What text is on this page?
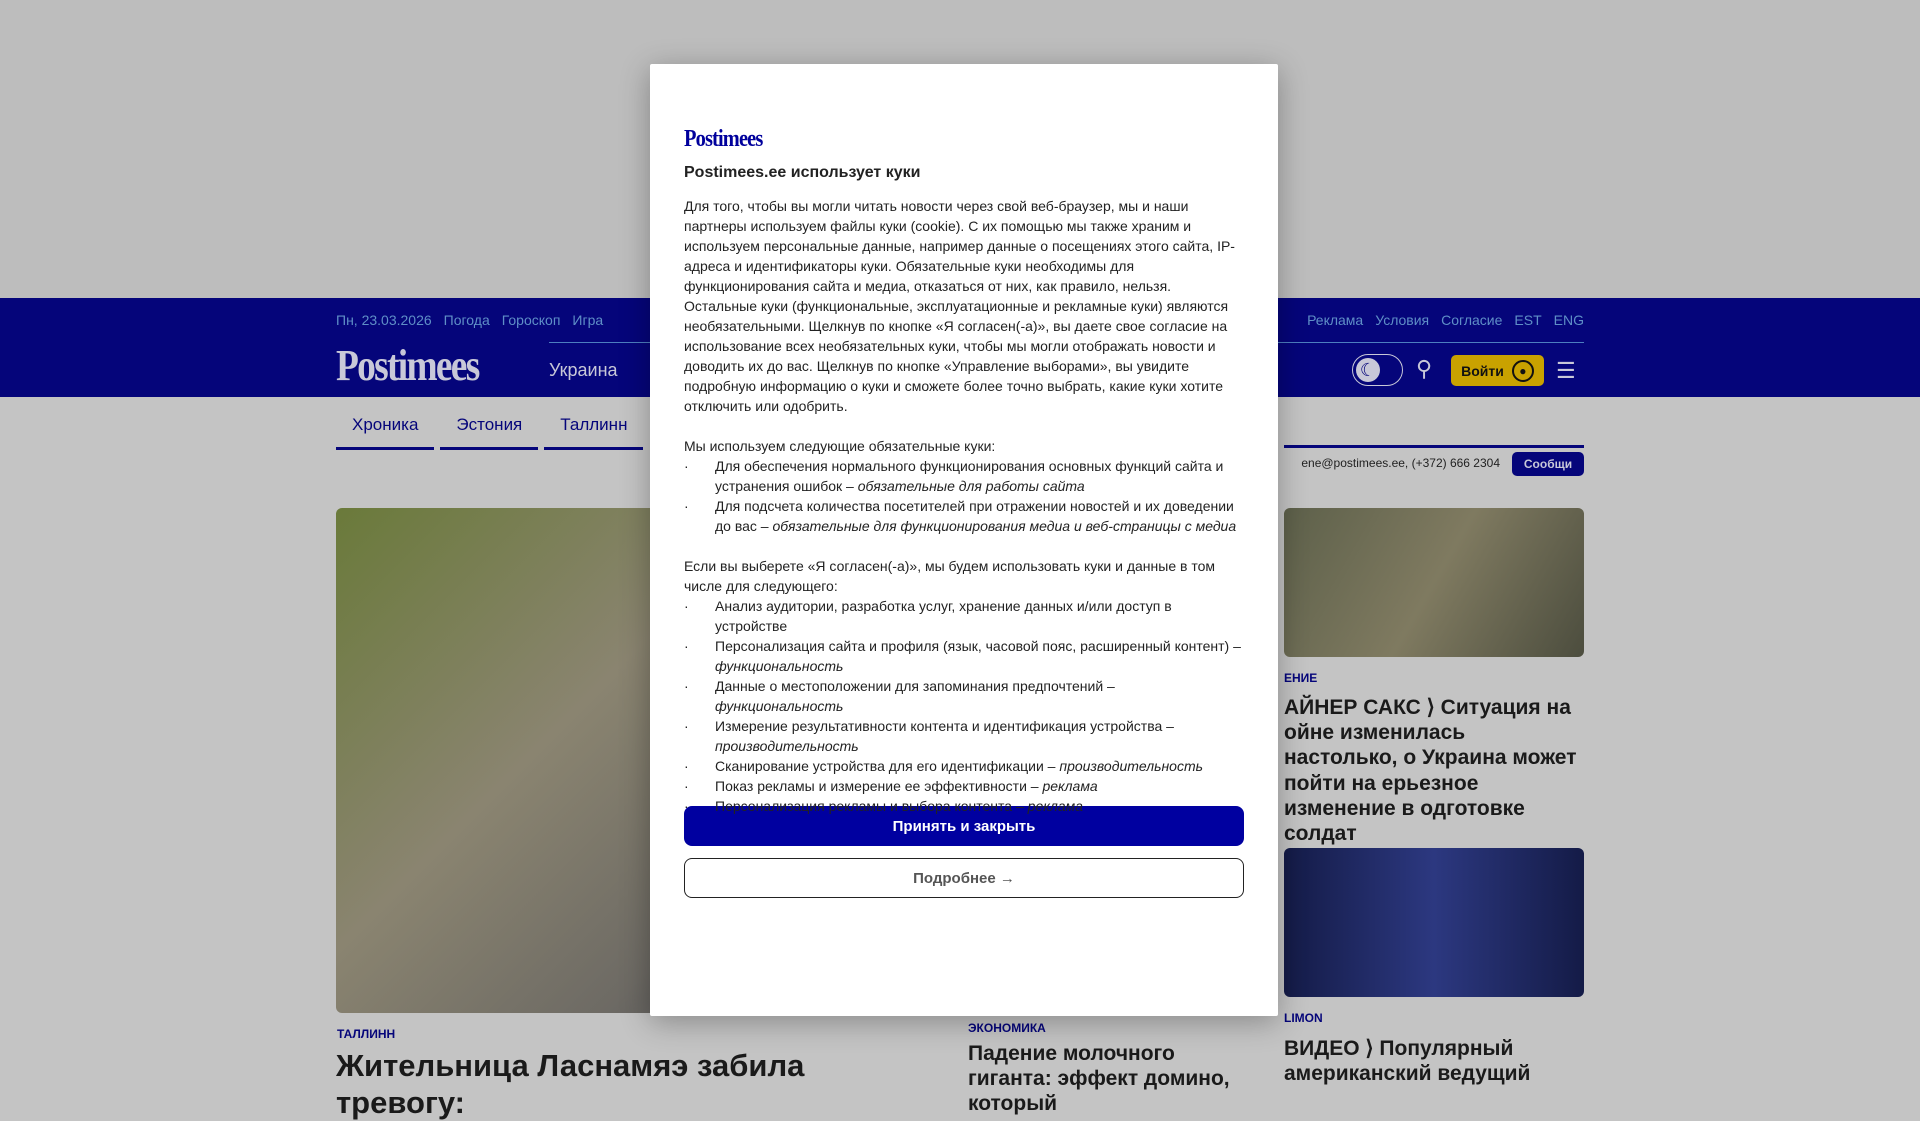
Пн, 23.03.2026 Погода Гороскоп Игра	Реклама Условия Согласие EST ENG
Postimees	Украина	☾ ⚲ Войти	●	☰
Хроника	Эстония	Таллинн
ene@postimees.ee, (+372) 666 2304	Сообщи
ТАЛЛИНН
Жительница Ласнамяэ забила тревогу:
ЭКОНОМИКА
Падение молочного гиганта: эффект домино, который
ЕНИЕ
АЙНЕР САКС ⟩ Ситуация на ойне изменилась настолько, о Украина может пойти на ерьезное изменение в одготовке солдат
LIMON
ВИДЕО ⟩ Популярный американский ведущий
Postimees
Postimees.ee использует куки

Для того, чтобы вы могли читать новости через свой веб-браузер, мы и наши партнеры используем файлы куки (cookie). С их помощью мы также храним и используем персональные данные, например данные о посещениях этого сайта, IP-адреса и идентификаторы куки. Обязательные куки необходимы для функционирования сайта и медиа, отказаться от них, как правило, нельзя. Остальные куки (функциональные, эксплуатационные и рекламные куки) являются необязательными. Щелкнув по кнопке «Я согласен(-а)», вы даете свое согласие на использование всех необязательных куки, чтобы мы могли отображать новости и доводить их до вас. Щелкнув по кнопке «Управление выборами», вы увидите подробную информацию о куки и сможете более точно выбрать, какие куки хотите отключить или одобрить.

Мы используем следующие обязательные куки:
·	Для обеспечения нормального функционирования основных функций сайта и устранения ошибок – обязательные для работы сайта
·	Для подсчета количества посетителей при отражении новостей и их доведении до вас – обязательные для функционирования медиа и веб-страницы с медиа
Если вы выберете «Я согласен(-а)», мы будем использовать куки и данные в том числе для следующего:
·	Анализ аудитории, разработка услуг, хранение данных и/или доступ в устройстве
·	Персонализация сайта и профиля (язык, часовой пояс, расширенный контент) – функциональность
·	Данные о местоположении для запоминания предпочтений – функциональность
·	Измерение результативности контента и идентификация устройства – производительность
·	Сканирование устройства для его идентификации – производительность
·	Показ рекламы и измерение ее эффективности – реклама
·	Персонализация рекламы и выбора контента – реклама
Принять и закрыть
Подробнее →
